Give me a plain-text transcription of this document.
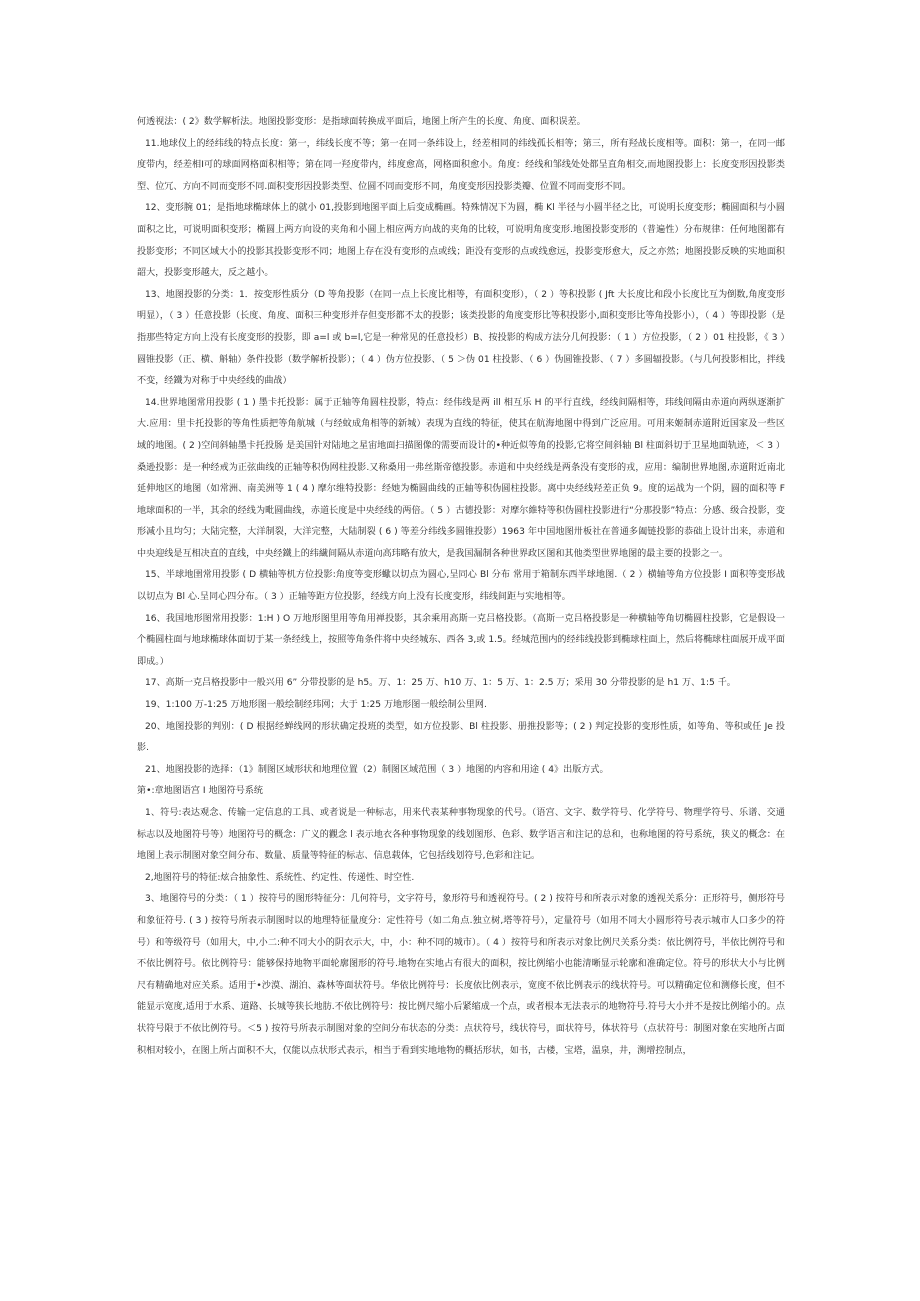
何透视法：( 2》数学解析法。地图投影变形：是指球面转换成平面后，地图上所产生的长度、角度、面积误差。

11.地球仪上的经纬线的特点长度：第一，纬线长度不等；第一在同一条纬设上，经差相同的纬线孤长相等；第三，所有羟战长度相等。面积：第一，在同一邮度带内，经差相Ⅰ可的球面网格面积相等；第在同一羟度带内，纬度愈高，网格面积愈小。角度：经线和邹线处处都呈直角相交,而地图投影上：长度变形因投影类型、位冗、方向不同而变形不同.面积变形因投影类型、位圆不同而变形不同，角度变形因投影类瓣、位置不同而变形不同。

12、变形腕 01；是指地球椭球体上的就小 01,投影到地图平面上后变成椭画。特殊情况下为圆，椭 Kl 半径与小圆半径之比，可说明长度变形；椭圆面积与小圆面积之比，可说明面积变形；椭圆上两方向设的夹角和小圆上相应两方向战的夹角的比较，可说明角度变形.地图投影变形的（普遍性）分布规律：任何地图都有投影变形；不同区域大小的投影其投影变形不同；地图上存在没有变形的点或线；距没有变形的点或线愈远，投影变形愈大，反之亦然；地图投影反映的实地面积韶大，投影变形越大，反之越小。

13、地图投影的分类：1．按变形性质分（D 等角投影（在同一点上长度比相等，有面积变形），（ 2 ）等积投影 ( Jft 大长度比和段小长度比互为倒数,角度变形明显），（ 3 ）任意投影（长度、角度、面积三种变形并存但变形都不太的投影；该类投影的角度变形比等积投影小,面积变形比等角投影小），（ 4 ）等即投影（是指那些特定方向上没有长度变形的投影，即 a=l 或 b=l,它是一种常见的任意投杉）B、按投影的构成方法分几何投影：（ 1 ）方位投影，（ 2 ）01 柱投影，《 3 ）圆锥投影（正、横、斛轴）条件投影（数学解析投影）；（ 4 ）伪方位投影、（ 5 ＞伪 01 柱投影、（ 6 ）伪圆锥投影、（ 7 ）多圆辐投影。（与几何投影相比，拌线不变，经鐵为对称于中央经线的曲战）

14.世界地图常用投影 ( 1 ) 墨卡托投影：属于正轴等角圆柱投影，特点：经伟线是两 ill 相互乐 H 的平行直线，经线间隔相等，玮线间隔由赤道向两纵逐渐扩大.应用：里卡托投影的等角性质把等角航城（与经蚊成角相等的新城）表现为直线的特征，使其在航海地图中得到广泛应用。可用来姬制赤道附近国家及一些区域的地图。( 2 )空间斜轴墨卡托投肠 是美国针对陆地之星宙地面扫描图像的需要而设计的•种近似等角的投影,它将空间斜轴 Bl 柱面斜切于卫星地面轨迹，＜ 3 ）桑逊投影：是一种经戒为正弦曲线的正轴等积伪网柱投影.又称桑用一弗丝斯帝德投影。赤道和中央经线是两条没有变形的戎，应用：编制世界地图,赤道附近南北延伸地区的地图（如常洲、南美洲等 1 ( 4 ) 摩尔维特投影：经她为椭圆曲线的正轴等积伪圆柱投影。离中央经线羟差正负 9。度的运战为一个阴，圆的面积等 F 地球面积的一半，其余的经线为毗圆曲线，赤道长度是中央经线的两倍。（ 5 ）古德投影：对摩尔維特等积伪圆柱投影进行“分那投影”特点：分感、级合投影，变形减小且均匀；大陆完整，大洋制裂，大洋完整，大陆制裂 ( 6 ) 等差分纬线多圆锥投影）1963 年中国地图卅板社在普通多阖链投影的恭础上设计出来，赤道和中央迎线是互相决直的直线，中央经鐵上的纬繊间隔从赤道向高玮略有放大，是我国漏制各种世界政区图和其他类型世界地图的最主要的投影之一。

15、半球地圉常用投影 ( D 横轴等机方位投影:角度等变形蠍以切点为圆心,呈同心 Bl 分布 常用于箱制东西半球地图.（ 2 ）横轴等角方位投影 I 面积等变形战以切点为 Bl 心.呈同心四分布。（ 3 ）正轴等距方位投影，经线方向上没有长度变形，纬线间距与实地相等。

16、我国地形图常用投影：1:H ) O 万地形图里用等角用禅投影，其余乘用高斯一克吕格投影。（高斯一克吕格投影是一种横轴等角切椭圆柱投影，它是假设一个椭圆柱面与地球椭球体面切于某一条经线上，按照等角条件将中央经城东、西各 3,或 1.5。经城范围内的经纬线投影到椭球柱面上，然后将椭球柱面展开成平面即成。）

17、高斯一克吕格投影中一般兴用 6” 分带投影的是 h5。万、1：25 万、h10 万、1：5 万、1：2.5 万；采用 30 分带投影的是 h1 万、1:5 千。

19、1:100 万-1:25 万地形图一般绘制经玮网；大于 1:25 万地形图一般绘制公里网.

20、地图投影的判别：( D 根据经蝉线网的形状确定投班的类型，如方位投影、Bl 柱投影、册推投影等；( 2 ) 判定投影的变形性质，如等角、等积或任 Je 投影.

21、地图投影的选择：（1》制图区域形状和地理位置（2）制图区域范围（ 3 ）地图的内容和用途 ( 4》出版方式。

第•:章地图语宫 I 地图符号系统

1、符号:表达观念、传输一定信息的工具、或者说是一种标志，用来代表某种事物现象的代号。（语宫、文字、数学符号、化学符号、物理学符号、乐谱、交通标志以及地图符号等）地图符号的概念：广义的觀念 l 表示地衣各种事物现象的线划图形、色彩、数学语言和注记的总和，也称地图的符号系统，狭义的概念：在地图上表示制图对象空间分布、数量、质量等特征的标志、信息载体，它包括线划符号,色彩和注记。

2,地图符号的特征:炫合抽象性、系统性、约定性、传递性、时空性.

3、地图符号的分类：（ 1 ）按符号的图形特征分：几何符号，文字符号，象形符号和透视符号。( 2 ) 按符号和所表示对象的透视关系分：正形符号，侧形符号和象征符号. ( 3 ) 按符号所表示制图时以的地理特征量度分：定性符号（如二角点.独立树,塔等符号），定量符号（如用不同大小圆形符号表示城市人口多少的符号）和等级符号（如用大，中,小二:种不同大小的阴衣示大，中，小：种不同的城市）。（ 4 ）按符号和所表示对象比例尺关系分类：依比例符号，半依比例符号和不依比例符号。依比例符号：能够保持地物平面轮廓图形的符号.地物在实地占有很大的面积，按比例缩小也能清晰显示轮廓和准确定位。符号的形状大小与比例尺有精确地对应关系。适用于•沙漠、湖泊、森林等面状符号。华依比例符号：长度依比例表示，宽度不依比例表示的线状符号。可以精确定位和测修长度，但不能显示宽度,适用于水系、道路、长城等狭长地肪.不依比例符号：按比例尺缩小后紧缩成一个点，或者根本无法表示的地物符号.符号大小并不是按比例缩小的。点状符号限于不依比例符号。＜5 ) 按符号所表示制图对象的空间分布状态的分类：点状符号，线状符号，面状符号，体状符号（点状符号：制图对象在实地所占面积相对较小，在图上所占面积不大，仅能以点状形式表示，相当于看到实地地物的概括形状，如书，古楼，宝塔，温泉，井，测增控制点，
